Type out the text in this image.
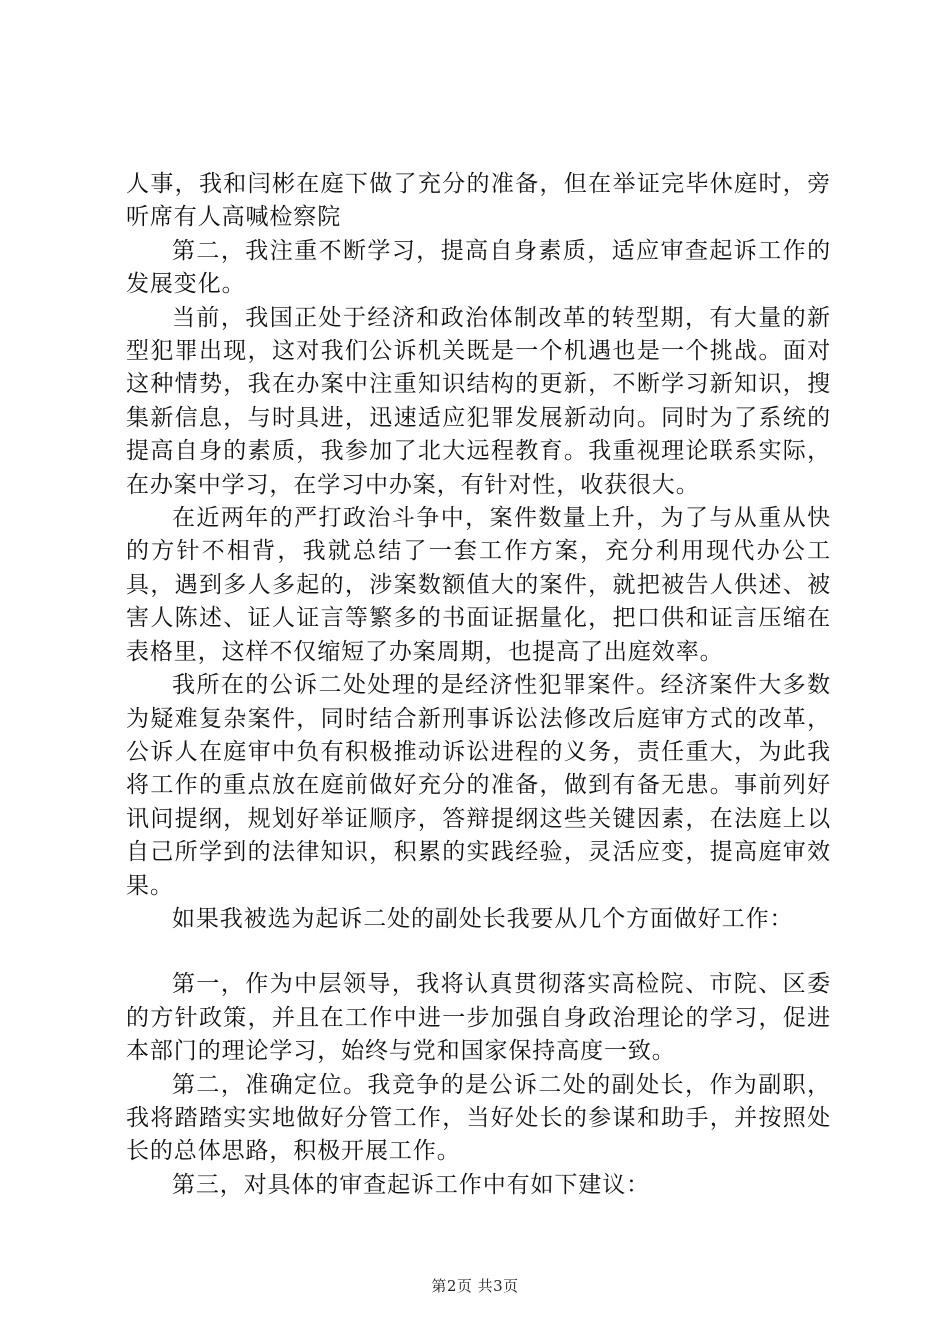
人事，我和闫彬在庭下做了充分的准备，但在举证完毕休庭时，旁听席有人高喊检察院

第二，我注重不断学习，提高自身素质，适应审查起诉工作的发展变化。

当前，我国正处于经济和政治体制改革的转型期，有大量的新型犯罪出现，这对我们公诉机关既是一个机遇也是一个挑战。面对这种情势，我在办案中注重知识结构的更新，不断学习新知识，搜集新信息，与时具进，迅速适应犯罪发展新动向。同时为了系统的提高自身的素质，我参加了北大远程教育。我重视理论联系实际，在办案中学习，在学习中办案，有针对性，收获很大。

在近两年的严打政治斗争中，案件数量上升，为了与从重从快的方针不相背，我就总结了一套工作方案，充分利用现代办公工具，遇到多人多起的，涉案数额值大的案件，就把被告人供述、被害人陈述、证人证言等繁多的书面证据量化，把口供和证言压缩在表格里，这样不仅缩短了办案周期，也提高了出庭效率。

我所在的公诉二处处理的是经济性犯罪案件。经济案件大多数为疑难复杂案件，同时结合新刑事诉讼法修改后庭审方式的改革，公诉人在庭审中负有积极推动诉讼进程的义务，责任重大，为此我将工作的重点放在庭前做好充分的准备，做到有备无患。事前列好讯问提纲，规划好举证顺序，答辩提纲这些关键因素，在法庭上以自己所学到的法律知识，积累的实践经验，灵活应变，提高庭审效果。

如果我被选为起诉二处的副处长我要从几个方面做好工作：

第一，作为中层领导，我将认真贯彻落实高检院、市院、区委的方针政策，并且在工作中进一步加强自身政治理论的学习，促进本部门的理论学习，始终与党和国家保持高度一致。

第二，准确定位。我竞争的是公诉二处的副处长，作为副职，我将踏踏实实地做好分管工作，当好处长的参谋和助手，并按照处长的总体思路，积极开展工作。

第三，对具体的审查起诉工作中有如下建议：

第2页 共3页
